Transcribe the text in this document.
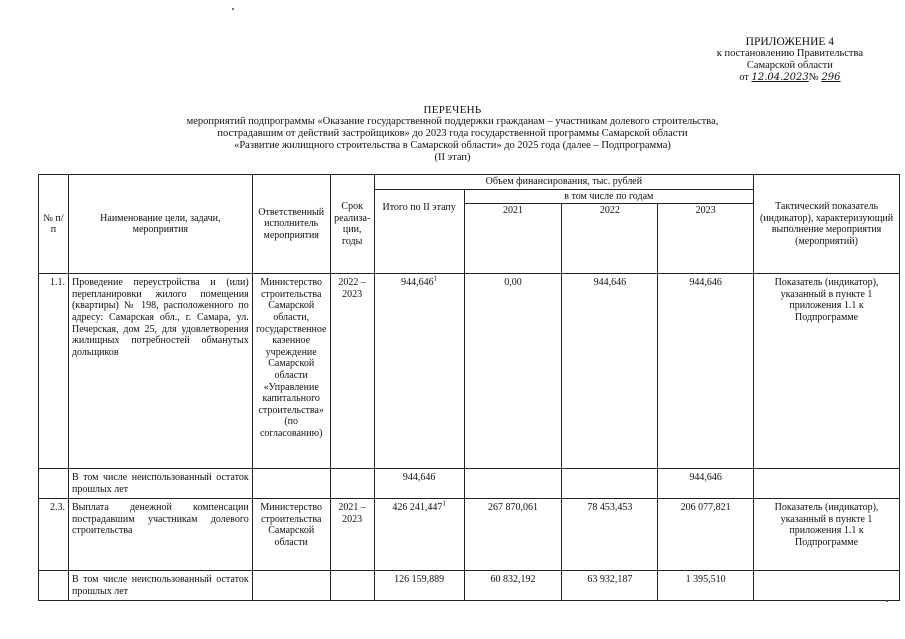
ПРИЛОЖЕНИЕ 4
к постановлению Правительства
Самарской области
от 12.04.2023№ 296
ПЕРЕЧЕНЬ
мероприятий подпрограммы «Оказание государственной поддержки гражданам – участникам долевого строительства,
пострадавшим от действий застройщиков» до 2023 года государственной программы Самарской области
«Развитие жилищного строительства в Самарской области» до 2025 года (далее – Подпрограмма)
(II этап)
№ п/п	Наименование цели, задачи, мероприятия	Ответственный исполнитель мероприятия	Срок реализа-ции, годы	Объем финансирования, тыс. рублей				Тактический показатель (индикатор), характеризующий выполнение мероприятия (мероприятий)
				Итого по II этапу	в том числе по годам			
					2021	2022	2023	
1.1.	Проведение переустройства и (или) перепланировки жилого помещения (квартиры) № 198, расположенного по адресу: Самарская обл., г. Самара, ул. Печерская, дом 25, для удовлетворения жилищных потребностей обманутых дольщиков	Министерство строительства Самарской области, государственное казенное учреждение Самарской области «Управление капитального строительства» (по согласованию)	2022 – 2023	944,646$^1$	0,00	944,646	944,646	Показатель (индикатор), указанный в пункте 1 приложения 1.1 к Подпрограмме
	В том числе неиспользованный остаток прошлых лет			944,646			944,646	
2.3.	Выплата денежной компенсации пострадавшим участникам долевого строительства	Министерство строительства Самарской области	2021 – 2023	426 241,447$^1$	267 870,061	78 453,453	206 077,821	Показатель (индикатор), указанный в пункте 1 приложения 1.1 к Подпрограмме
	В том числе неиспользованный остаток прошлых лет			126 159,889	60 832,192	63 932,187	1 395,510	
